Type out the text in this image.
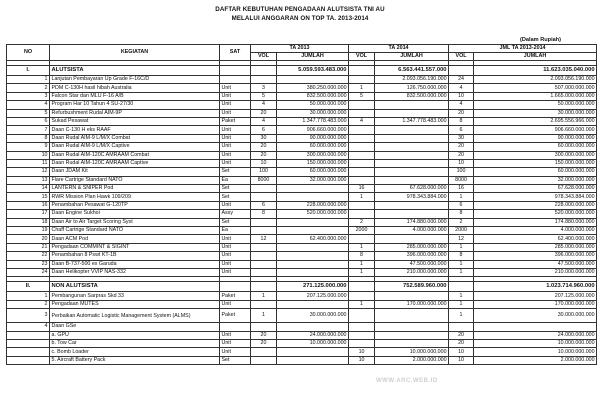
DAFTAR KEBUTUHAN PENGADAAN ALUTSISTA TNI AU
MELALUI ANGGARAN ON TOP TA. 2013-2014
(Dalam Rupiah)
NO	KEGIATAN	SAT	TA 2013		TA 2014		JML TA 2013-2014	
			VOL	JUMLAH	VOL	JUMLAH	VOL	JUMLAH

I.	ALUTSISTA			5.059.593.483.000		6.563.441.557.000		11.623.035.040.000
1	Lanjutan Pembayaran Up Grade F-16C/D					2.093.056.190.000	24	2.093.056.190.000
2	PDM C-130H hasil hibah Australia	Unit	3	380.250.000.000	1	126.750.000.000	4	507.000.000.000
3	Falcon Star dan MLU F-16 A/B	Unit	5	832.500.000.000	5	832.500.000.000	10	1.665.000.000.000
4	Program Har 10 Tahun 4 SU-27/30	Unit	4	50.000.000.000			4	50.000.000.000
5	Refurbushment Rudal AIM-9P	Unit	20	30.000.000.000			20	30.000.000.000
6	Sukad Pesawat	Paket	4	1.347.778.483.000	4	1.347.778.483.000	8	2.695.556.966.000
7	Daan C-130 H eks RAAF	Unit	6	906.660.000.000			6	906.660.000.000
8	Daan Rudal AIM-9 L/M/X Combat	Unit	30	90.000.000.000			30	90.000.000.000
9	Daan Rudal AIM-9 L/M/X Captive	Unit	20	60.000.000.000			20	60.000.000.000
10	Daan Rudal AIM-120C AMRAAM Combat	Unit	20	300.000.000.000			20	300.000.000.000
11	Daan Rudal AIM-120C AMRAAM Captive	Unit	10	150.000.000.000			10	150.000.000.000
12	Daan JDAM Kit	Set	100	60.000.000.000			100	60.000.000.000
13	Flare Cartrige Standard NATO	Ea	8000	32.000.000.000			8000	32.000.000.000
14	LANTERN & SNIPER Pod	Set			16	67.628.000.000	16	67.628.000.000
15	RWR Mission Plan Hawk 109/209	Set			1	978.343.884.000	1	978.343.884.000
16	Penambahan Pesawat G-120TP	Unit	6	228.000.000.000			6	228.000.000.000
17	Daan Engine Sukhoi	Assy	8	520.000.000.000			8	520.000.000.000
18	Daan Air to Air Target Scoring Syst	Set			2	174.880.000.000	2	174.880.000.000
19	Chaff Cartrige Standard NATO	Ea			2000	4.000.000.000	2000	4.000.000.000
20	Daan ACM Pod	Unit	12	62.400.000.000			12	62.400.000.000
21	Pengadaan COMMINT & SIGINT	Unit			1	285.000.000.000	1	285.000.000.000
22	Penambahan 8 Pswt KT-1B	Unit			8	396.000.000.000	8	396.000.000.000
23	Daan B-737-500 ex Garuda	Unit			1	47.500.000.000	1	47.500.000.000
24	Daan Helikopter VVIP NAS-332	Unit			1	210.000.000.000	1	210.000.000.000

II.	NON ALUTSISTA			271.125.000.000		752.589.960.000		1.023.714.960.000
1	Pembangunan Sarpras Skd 33	Paket	1	207.125.000.000			1	207.125.000.000
2	Pengadaan MUTES	Unit			1	170.000.000.000	1	170.000.000.000
3	Perbaikan Automatic Logistic Management System (ALMS)	Paket	1	30.000.000.000			1	30.000.000.000
4	Daan GSe							
	a. GPU	Unit	20	24.000.000.000			20	24.000.000.000
	b. Tow Car	Unit	20	10.000.000.000			20	10.000.000.000
	c. Bomb Loader	Unit			10	10.000.000.000	10	10.000.000.000
	5. Aircraft Battery Pack	Set			10	2.000.000.000	10	2.000.000.000
WWW.ARC.WEB.ID
